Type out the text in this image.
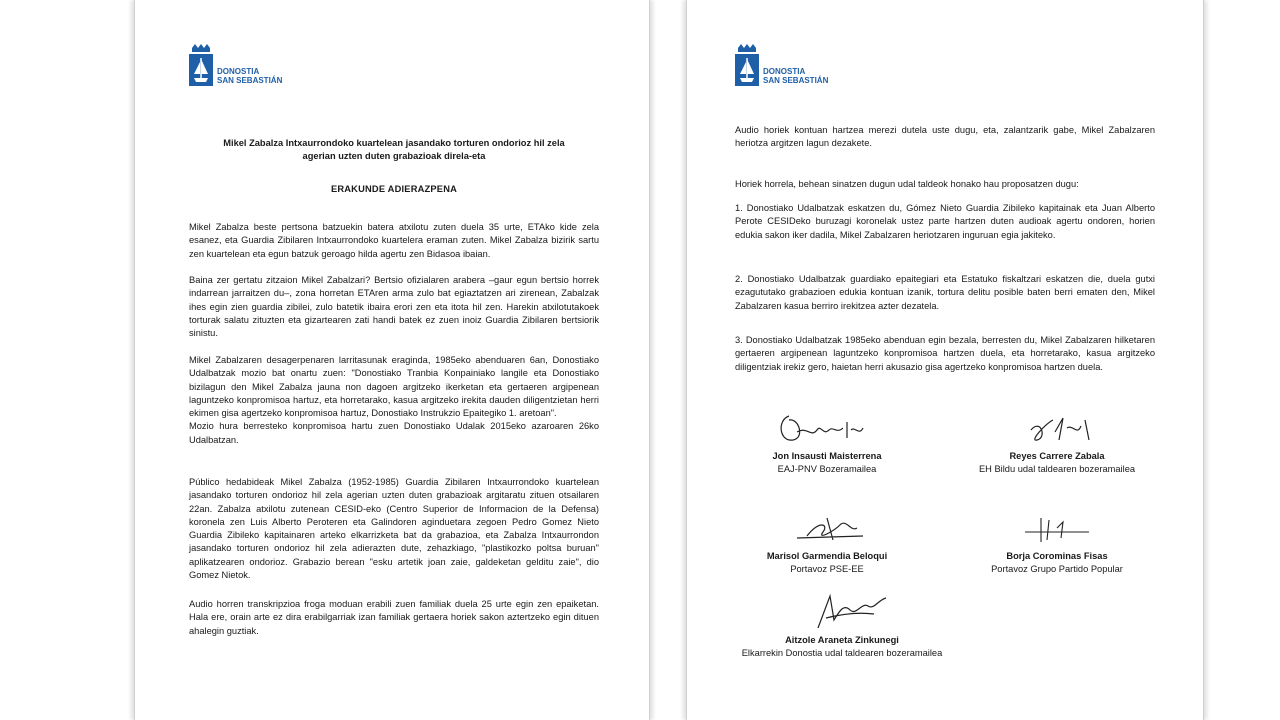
DONOSTIA
SAN SEBASTIÁN
Mikel Zabalza Intxaurrondoko kuartelean jasandako torturen ondorioz hil zela
agerian uzten duten grabazioak direla-eta
ERAKUNDE ADIERAZPENA

Mikel Zabalza beste pertsona batzuekin batera atxilotu zuten duela 35 urte, ETAko kide zela esanez, eta Guardia Zibilaren Intxaurrondoko kuartelera eraman zuten. Mikel Zabalza bizirik sartu zen kuartelean eta egun batzuk geroago hilda agertu zen Bidasoa ibaian.

Baina zer gertatu zitzaion Mikel Zabalzari? Bertsio ofizialaren arabera –gaur egun bertsio horrek indarrean jarraitzen du–, zona horretan ETAren arma zulo bat egiaztatzen ari zirenean, Zabalzak ihes egin zien guardia zibilei, zulo batetik ibaira erori zen eta itota hil zen. Harekin atxilotutakoek torturak salatu zituzten eta gizartearen zati handi batek ez zuen inoiz Guardia Zibilaren bertsiorik sinistu.

Mikel Zabalzaren desagerpenaren larritasunak eraginda, 1985eko abenduaren 6an, Donostiako Udalbatzak mozio bat onartu zuen: "Donostiako Tranbia Konpainiako langile eta Donostiako bizilagun den Mikel Zabalza jauna non dagoen argitzeko ikerketan eta gertaeren argipenean laguntzeko konpromisoa hartuz, eta horretarako, kasua argitzeko irekita dauden diligentzietan herri ekimen gisa agertzeko konpromisoa hartuz, Donostiako Instrukzio Epaitegiko 1. aretoan".

Mozio hura berresteko konpromisoa hartu zuen Donostiako Udalak 2015eko azaroaren 26ko Udalbatzan.

Público hedabideak Mikel Zabalza (1952-1985) Guardia Zibilaren Intxaurrondoko kuartelean jasandako torturen ondorioz hil zela agerian uzten duten grabazioak argitaratu zituen otsailaren 22an. Zabalza atxilotu zutenean CESID-eko (Centro Superior de Informacion de la Defensa) koronela zen Luis Alberto Peroteren eta Galindoren aginduetara zegoen Pedro Gomez Nieto Guardia Zibileko kapitainaren arteko elkarrizketa bat da grabazioa, eta Zabalza Intxaurrondon jasandako torturen ondorioz hil zela adierazten dute, zehazkiago, "plastikozko poltsa buruan" aplikatzearen ondorioz. Grabazio berean "esku artetik joan zaie, galdeketan gelditu zaie", dio Gomez Nietok.

Audio horren transkripzioa froga moduan erabili zuen familiak duela 25 urte egin zen epaiketan. Hala ere, orain arte ez dira erabilgarriak izan familiak gertaera horiek sakon aztertzeko egin dituen ahalegin guztiak.

DONOSTIA
SAN SEBASTIÁN

Audio horiek kontuan hartzea merezi dutela uste dugu, eta, zalantzarik gabe, Mikel Zabalzaren heriotza argitzen lagun dezakete.

Horiek horrela, behean sinatzen dugun udal taldeok honako hau proposatzen dugu:

1. Donostiako Udalbatzak eskatzen du, Gómez Nieto Guardia Zibileko kapitainak eta Juan Alberto Perote CESIDeko buruzagi koronelak ustez parte hartzen duten audioak agertu ondoren, horien edukia sakon iker dadila, Mikel Zabalzaren heriotzaren inguruan egia jakiteko.

2. Donostiako Udalbatzak guardiako epaitegiari eta Estatuko fiskaltzari eskatzen die, duela gutxi ezagututako grabazioen edukia kontuan izanik, tortura delitu posible baten berri ematen den, Mikel Zabalzaren kasua berriro irekitzea azter dezatela.

3. Donostiako Udalbatzak 1985eko abenduan egin bezala, berresten du, Mikel Zabalzaren hilketaren gertaeren argipenean laguntzeko konpromisoa hartzen duela, eta horretarako, kasua argitzeko diligentziak irekiz gero, haietan herri akusazio gisa agertzeko konpromisoa hartzen duela.

Jon Insausti Maisterrena
EAJ-PNV Bozeramailea
Reyes Carrere Zabala
EH Bildu udal taldearen bozeramailea
Marisol Garmendia Beloqui
Portavoz PSE-EE
Borja Corominas Fisas
Portavoz Grupo Partido Popular
Aitzole Araneta Zinkunegi
Elkarrekin Donostia udal taldearen bozeramailea
